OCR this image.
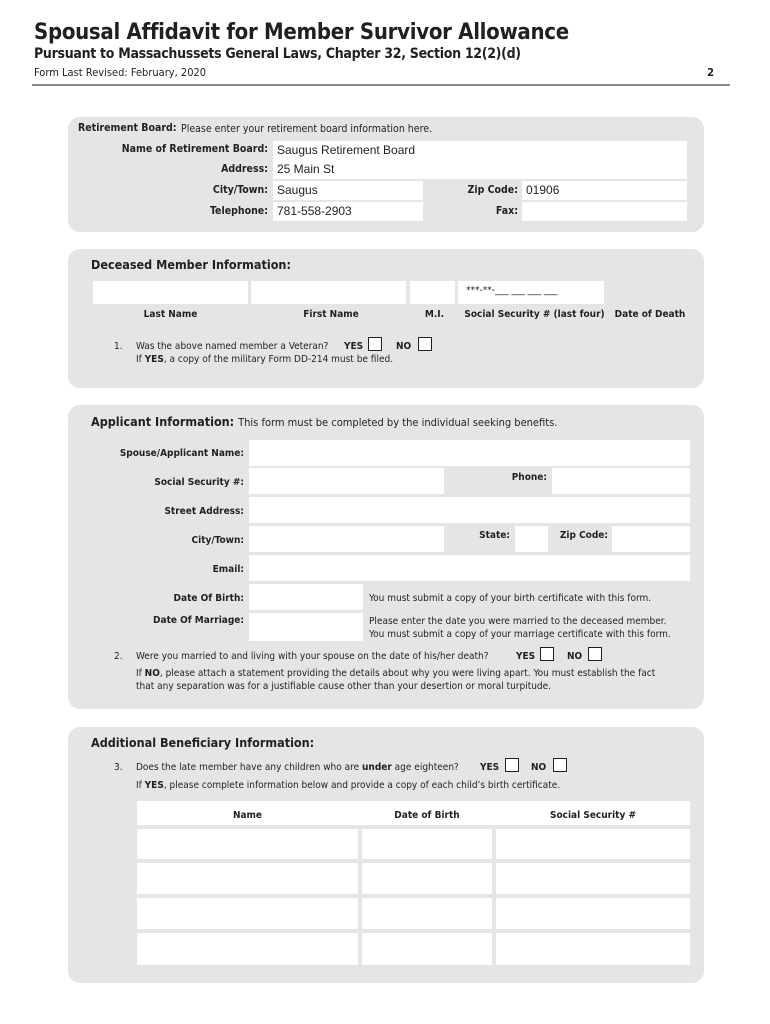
Spousal Affidavit for Member Survivor Allowance
Pursuant to Massachussets General Laws, Chapter 32, Section 12(2)(d)
Form Last Revised: February, 2020	2
Retirement Board: Please enter your retirement board information here.
Name of Retirement Board: Saugus Retirement Board
Address: 25 Main St
City/Town: Saugus	Zip Code: 01906
Telephone: 781-558-2903	Fax:
Deceased Member Information:
***-**-___ ___ ___ ___
Last Name	First Name	M.I.	Social Security # (last four)	Date of Death
1. Was the above named member a Veteran? YES	NO
If YES, a copy of the military Form DD-214 must be filed.
Applicant Information: This form must be completed by the individual seeking benefits.
Spouse/Applicant Name:
Social Security #:	Phone:
Street Address:
City/Town:	State:	Zip Code:
Email:
Date Of Birth:	You must submit a copy of your birth certificate with this form.
Date Of Marriage:	Please enter the date you were married to the deceased member.
You must submit a copy of your marriage certificate with this form.
2. Were you married to and living with your spouse on the date of his/her death?	YES	NO
If NO, please attach a statement providing the details about why you were living apart. You must establish the fact
that any separation was for a justifiable cause other than your desertion or moral turpitude.
Additional Beneficiary Information:
3. Does the late member have any children who are under age eighteen? YES	NO
If YES, please complete information below and provide a copy of each child’s birth certificate.
Name	Date of Birth	Social Security #
